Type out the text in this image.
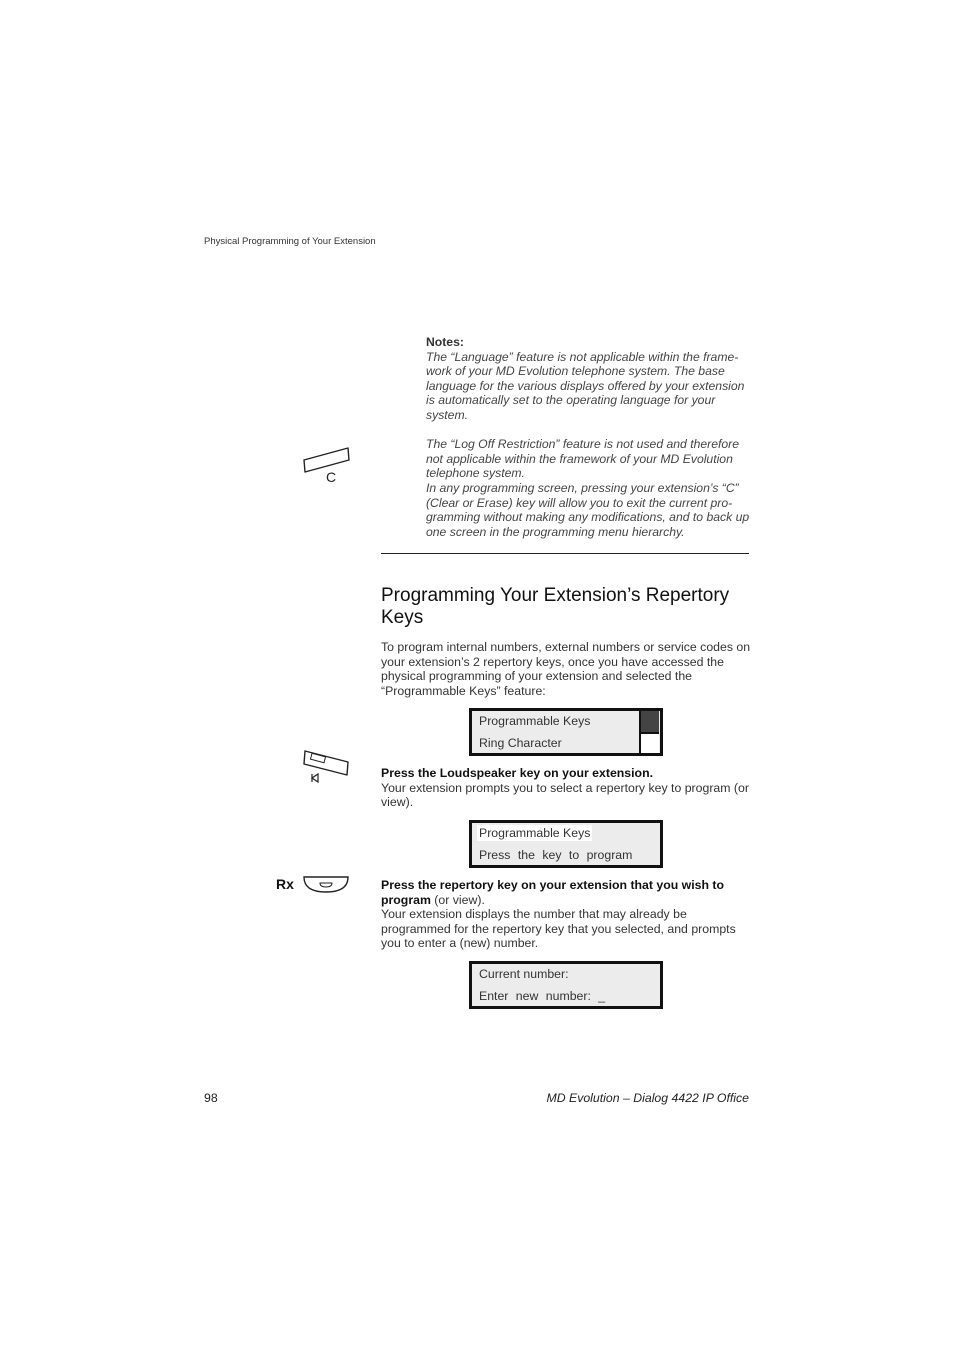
Physical Programming of Your Extension
Notes:

The “Language” feature is not applicable within the frame-work of your MD Evolution telephone system. The base language for the various displays offered by your extension is automatically set to the operating language for your system.

The “Log Off Restriction” feature is not used and therefore not applicable within the framework of your MD Evolution telephone system.

In any programming screen, pressing your extension’s “C” (Clear or Erase) key will allow you to exit the current pro-gramming without making any modifications, and to back up one screen in the programming menu hierarchy.

C
Programming Your Extension’s Repertory Keys
To program internal numbers, external numbers or service codes on your extension’s 2 repertory keys, once you have accessed the physical programming of your extension and selected the “Programmable Keys” feature:
Programmable Keys
Ring Character
Press the Loudspeaker key on your extension.
Your extension prompts you to select a repertory key to program (or view).
Programmable Keys
Press the key to program
Rx	Press the repertory key on your extension that you wish to program (or view).
Your extension displays the number that may already be programmed for the repertory key that you selected, and prompts you to enter a (new) number.
Current number:
Enter new number: _
98	MD Evolution – Dialog 4422 IP Office
